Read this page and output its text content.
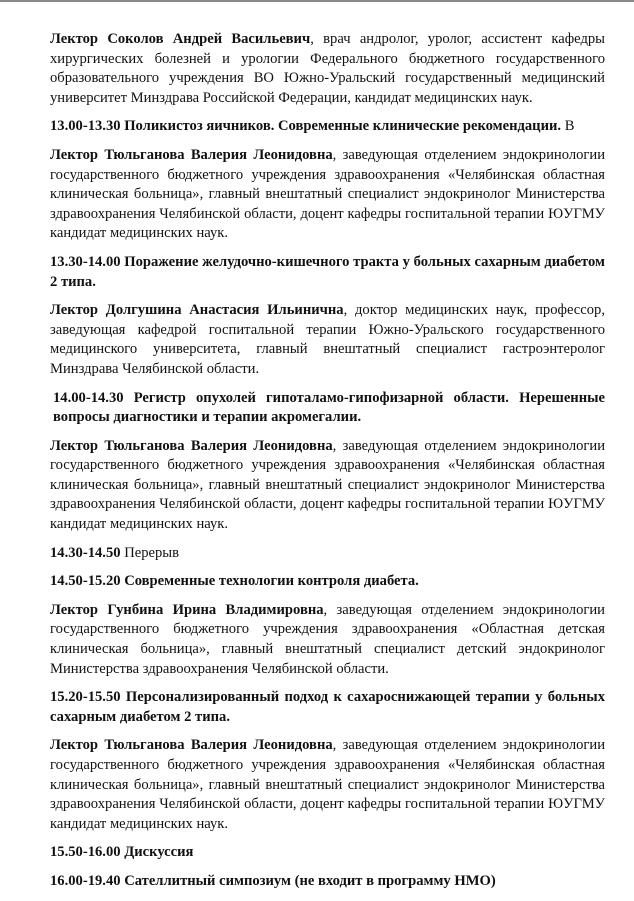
Лектор Соколов Андрей Васильевич, врач андролог, уролог, ассистент кафедры хирургических болезней и урологии Федерального бюджетного государственного образовательного учреждения ВО Южно-Уральский государственный медицинский университет Минздрава Российской Федерации, кандидат медицинских наук.

13.00-13.30 Поликистоз яичников. Современные клинические рекомендации. В

Лектор Тюльганова Валерия Леонидовна, заведующая отделением эндокринологии государственного бюджетного учреждения здравоохранения «Челябинская областная клиническая больница», главный внештатный специалист эндокринолог Министерства здравоохранения Челябинской области, доцент кафедры госпитальной терапии ЮУГМУ кандидат медицинских наук.

13.30-14.00 Поражение желудочно-кишечного тракта у больных сахарным диабетом 2 типа.

Лектор Долгушина Анастасия Ильинична, доктор медицинских наук, профессор, заведующая кафедрой госпитальной терапии Южно-Уральского государственного медицинского университета, главный внештатный специалист гастроэнтеролог Минздрава Челябинской области.

14.00-14.30 Регистр опухолей гипоталамо-гипофизарной области. Нерешенные вопросы диагностики и терапии акромегалии.

Лектор Тюльганова Валерия Леонидовна, заведующая отделением эндокринологии государственного бюджетного учреждения здравоохранения «Челябинская областная клиническая больница», главный внештатный специалист эндокринолог Министерства здравоохранения Челябинской области, доцент кафедры госпитальной терапии ЮУГМУ кандидат медицинских наук.

14.30-14.50 Перерыв

14.50-15.20 Современные технологии контроля диабета.

Лектор Гунбина Ирина Владимировна, заведующая отделением эндокринологии государственного бюджетного учреждения здравоохранения «Областная детская клиническая больница», главный внештатный специалист детский эндокринолог Министерства здравоохранения Челябинской области.

15.20-15.50 Персонализированный подход к сахароснижающей терапии у больных сахарным диабетом 2 типа.

Лектор Тюльганова Валерия Леонидовна, заведующая отделением эндокринологии государственного бюджетного учреждения здравоохранения «Челябинская областная клиническая больница», главный внештатный специалист эндокринолог Министерства здравоохранения Челябинской области, доцент кафедры госпитальной терапии ЮУГМУ кандидат медицинских наук.

15.50-16.00 Дискуссия

16.00-19.40 Сателлитный симпозиум (не входит в программу НМО)
